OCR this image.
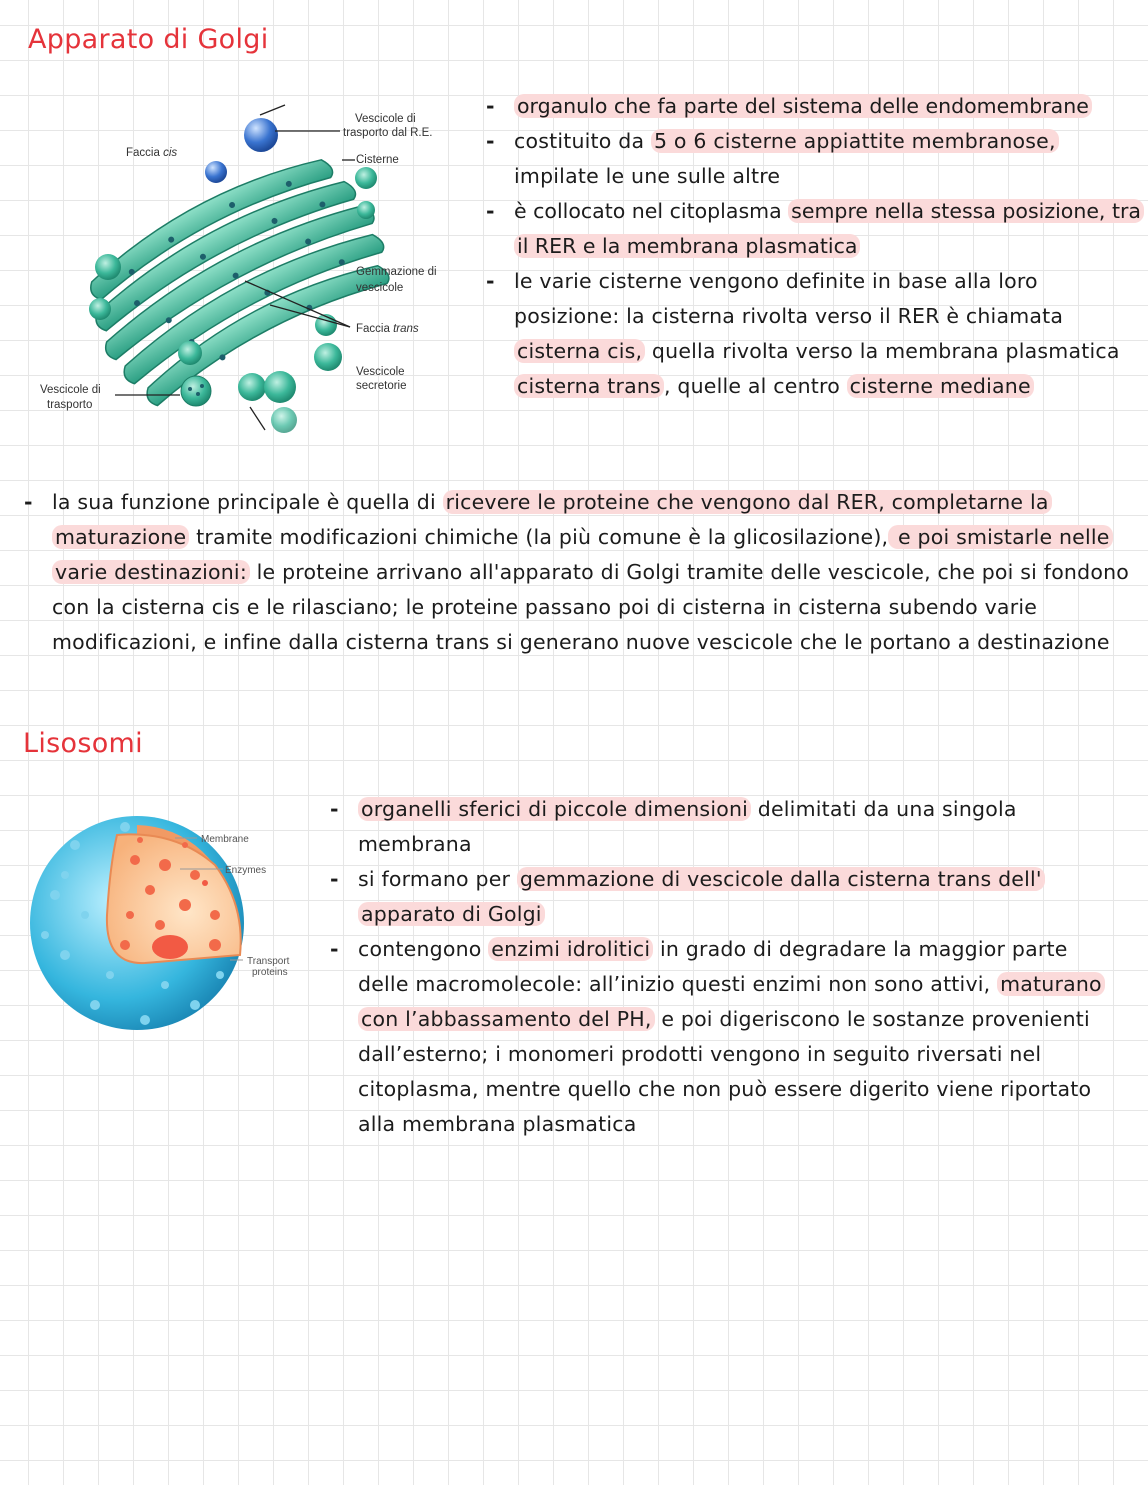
Apparato di Golgi
Vescicole di
trasporto dal R.E.
Faccia cis
Cisterne
Gemmazione di
vescicole
Faccia trans
Vescicole
secretorie
Vescicole di
trasporto
- organulo che fa parte del sistema delle endomembrane
- costituito da 5 o 6 cisterne appiattite membranose, impilate le une sulle altre
- è collocato nel citoplasma sempre nella stessa posizione, tra il RER e la membrana plasmatica
- le varie cisterne vengono definite in base alla loro posizione: la cisterna rivolta verso il RER è chiamata cisterna cis, quella rivolta verso la membrana plasmatica cisterna trans , quelle al centro cisterne mediane
- la sua funzione principale è quella di ricevere le proteine che vengono dal RER, completarne la maturazione tramite modificazioni chimiche (la più comune è la glicosilazione), e poi smistarle nelle varie destinazioni: le proteine arrivano all'apparato di Golgi tramite delle vescicole, che poi si fondono con la cisterna cis e le rilasciano; le proteine passano poi di cisterna in cisterna subendo varie modificazioni, e infine dalla cisterna trans si generano nuove vescicole che le portano a destinazione
Lisosomi
Membrane
Enzymes
Transport
proteins
- organelli sferici di piccole dimensioni delimitati da una singola membrana
- si formano per gemmazione di vescicole dalla cisterna trans dell' apparato di Golgi
- contengono enzimi idrolitici in grado di degradare la maggior parte delle macromolecole: all’inizio questi enzimi non sono attivi, maturano con l’abbassamento del PH, e poi digeriscono le sostanze provenienti dall’esterno; i monomeri prodotti vengono in seguito riversati nel citoplasma, mentre quello che non può essere digerito viene riportato alla membrana plasmatica
